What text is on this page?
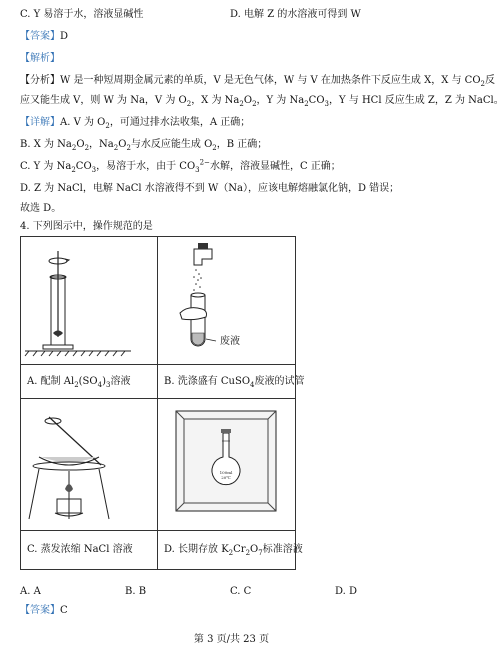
C. Y 易溶于水，溶液显碱性	D. 电解 Z 的水溶液可得到 W
【答案】D
【解析】
【分析】W 是一种短周期金属元素的单质，V 是无色气体，W 与 V 在加热条件下反应生成 X，X 与 $CO_2$反
应又能生成 V，则 W 为 Na，V 为 $O_2$，X 为 $Na_2O_2$，Y 为 $Na_2CO_3$，Y 与 HCl 反应生成 Z，Z 为 NaCl。
【详解】A. V 为 $O_2$，可通过排水法收集，A 正确；
B. X 为 $Na_2O_2$，$Na_2O_2$与水反应能生成 $O_2$，B 正确；
C. Y 为 $Na_2CO_3$，易溶于水，由于 $CO_3^{2-}$水解，溶液显碱性，C 正确；
D. Z 为 NaCl，电解 NaCl 水溶液得不到 W（Na），应该电解熔融氯化钠，D 错误；
故选 D。
4. 下列图示中，操作规范的是
废液
A. 配制 $Al_2(SO_4)_3$溶液	B. 洗涤盛有 CuSO$_4$废液的试管
100ml
20℃
C. 蒸发浓缩 NaCl 溶液	D. 长期存放 $K_2Cr_2O_7$标准溶液
A. A	B. B	C. C	D. D
【答案】C
第 3 页/共 23 页
